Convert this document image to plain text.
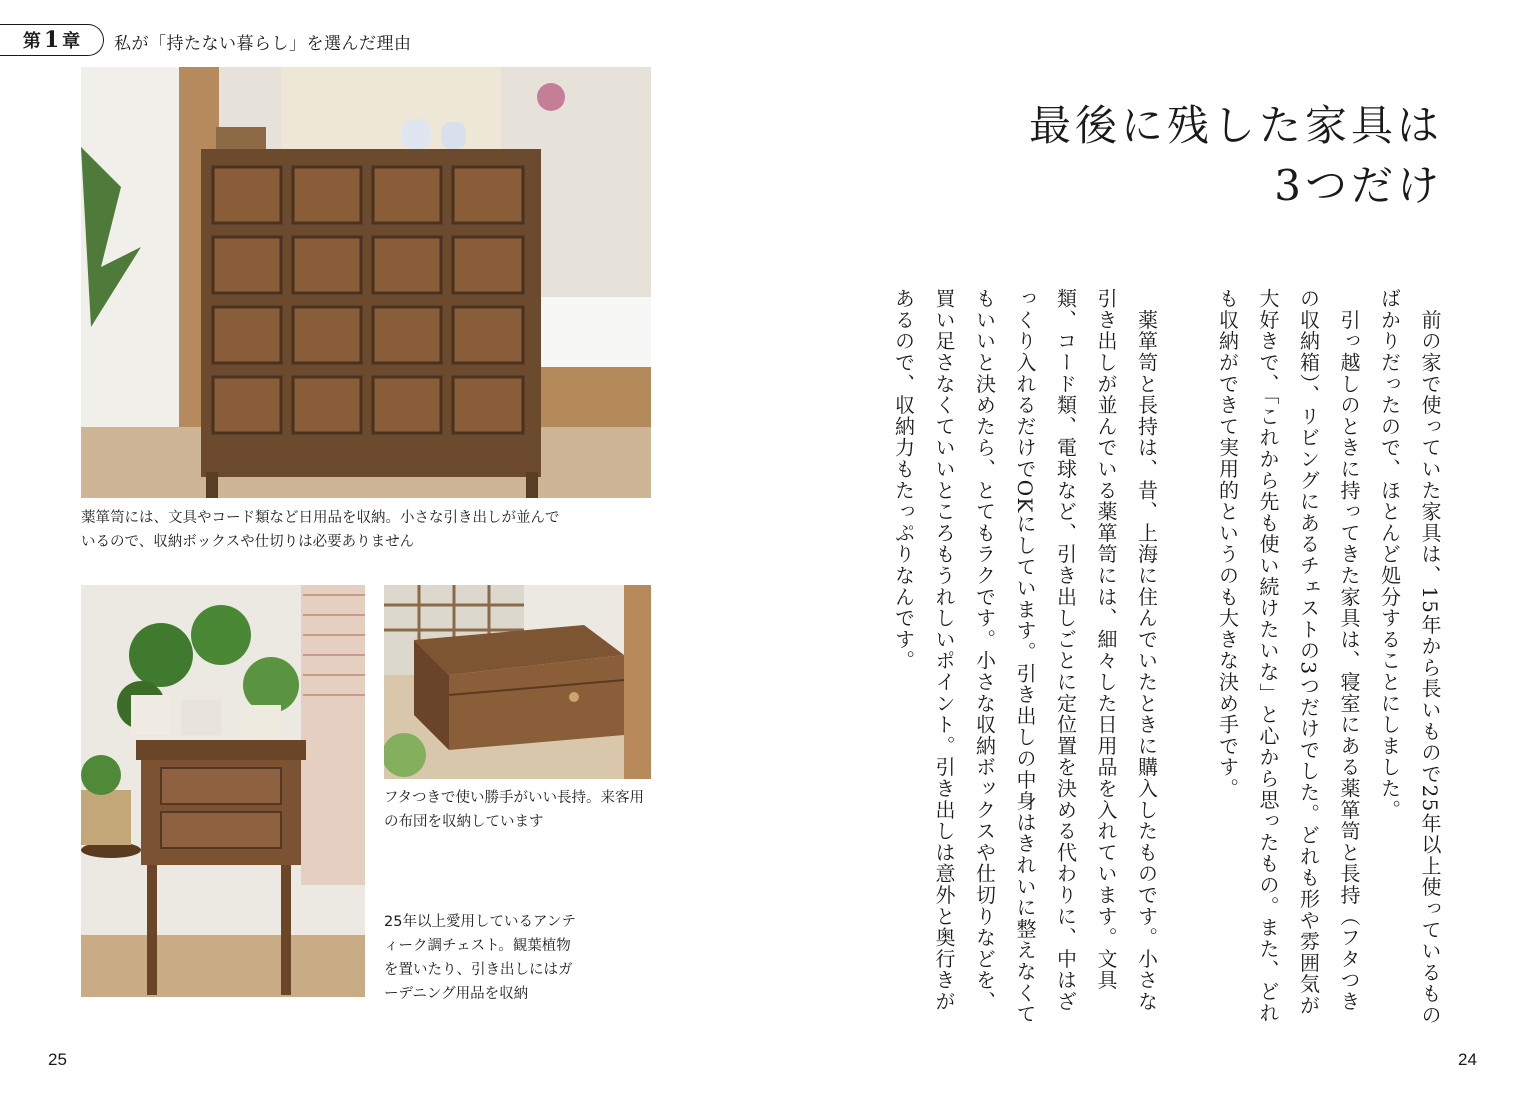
第 1 章 私が「持たない暮らし」を選んだ理由
薬箪笥には、文具やコード類など日用品を収納。小さな引き出しが並んでいるので、収納ボックスや仕切りは必要ありません
25年以上愛用しているアンティーク調チェスト。観葉植物を置いたり、引き出しにはガーデニング用品を収納
フタつきで使い勝手がいい長持。来客用の布団を収納しています
25
最後に残した家具は
3つだけ
　前の家で使っていた家具は、15年から長いもので25年以上使っているものばかりだったので、ほとんど処分することにしました。
　引っ越しのときに持ってきた家具は、寝室にある薬箪笥と長持（フタつきの収納箱）、リビングにあるチェストの3つだけでした。どれも形や雰囲気が大好きで、「これから先も使い続けたいな」と心から思ったもの。また、どれも収納ができて実用的というのも大きな決め手です。

　薬箪笥と長持は、昔、上海に住んでいたときに購入したものです。小さな引き出しが並んでいる薬箪笥には、細々した日用品を入れています。文具類、コード類、電球など、引き出しごとに定位置を決める代わりに、中はざっくり入れるだけでOKにしています。引き出しの中身はきれいに整えなくてもいいと決めたら、とてもラクです。小さな収納ボックスや仕切りなどを、買い足さなくていいところもうれしいポイント。引き出しは意外と奥行きがあるので、収納力もたっぷりなんです。
24
